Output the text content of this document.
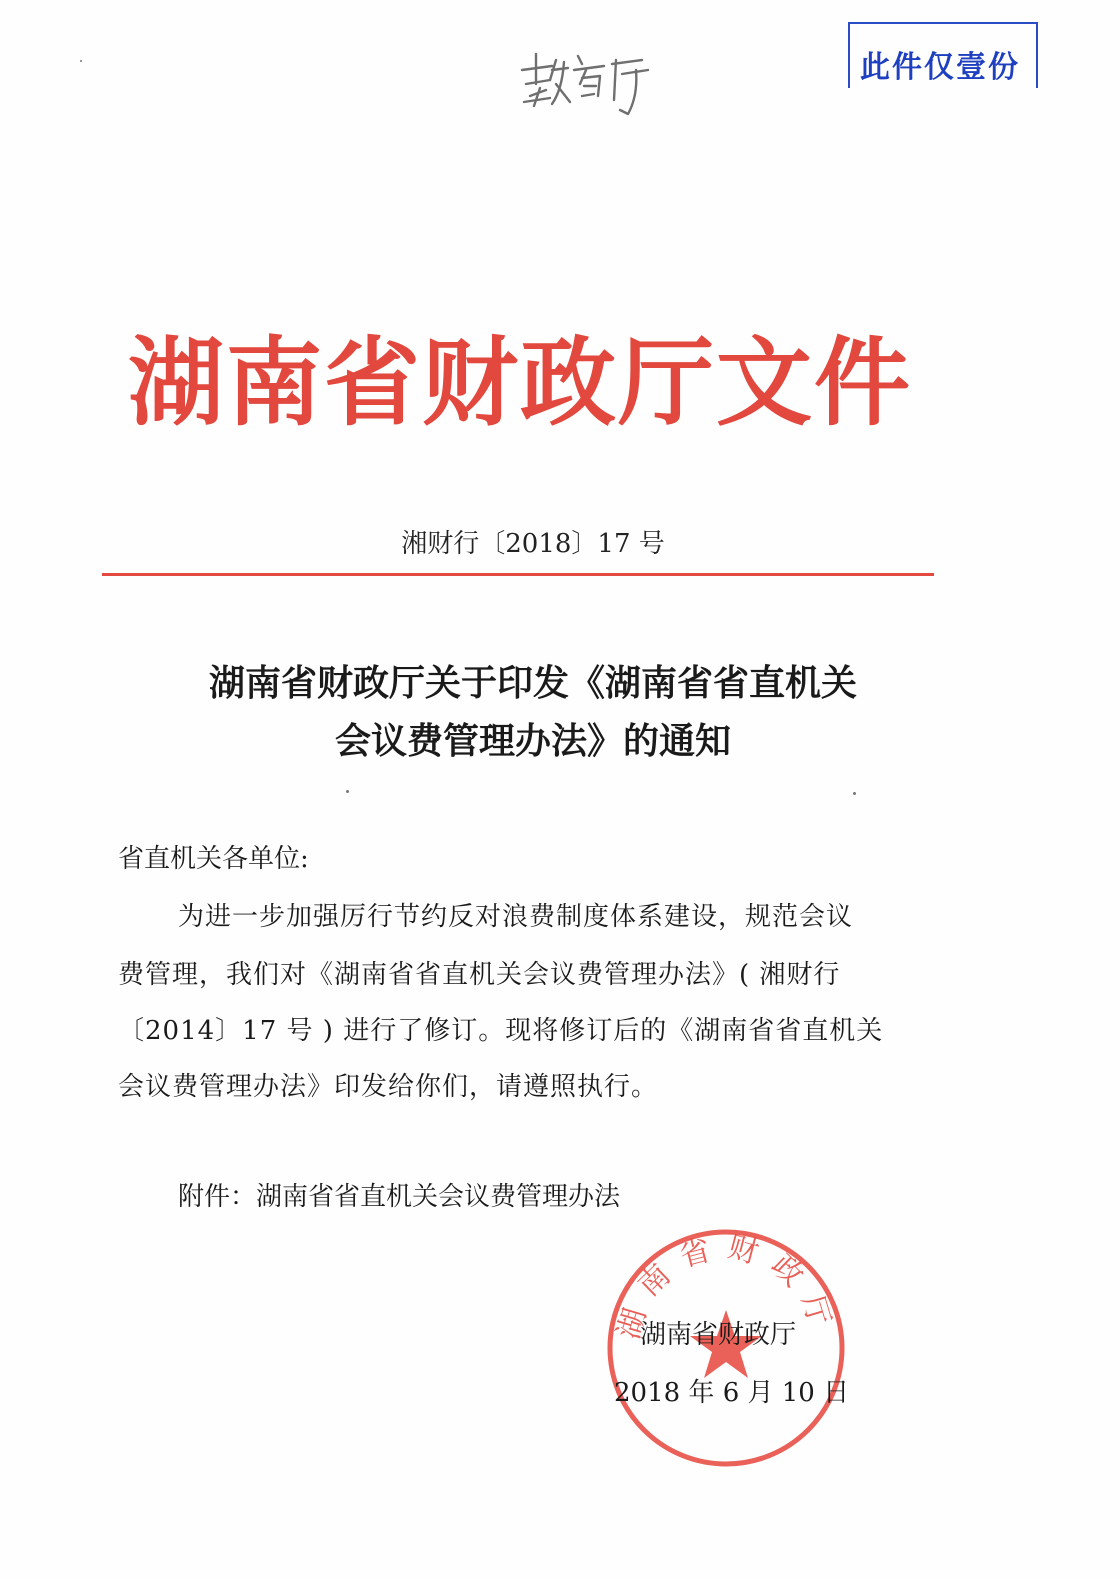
此件仅壹份
湖南省财政厅文件
湘财行〔2018〕17 号
湖南省财政厅关于印发《湖南省省直机关
会议费管理办法》的通知
省直机关各单位:
为进一步加强厉行节约反对浪费制度体系建设，规范会议
费管理，我们对《湖南省省直机关会议费管理办法》( 湘财行
〔2014〕17 号 ) 进行了修订。现将修订后的《湖南省省直机关
会议费管理办法》印发给你们，请遵照执行。
附件：湖南省省直机关会议费管理办法
湖南省财政厅
湖南省财政厅
2018 年 6 月 10 日
